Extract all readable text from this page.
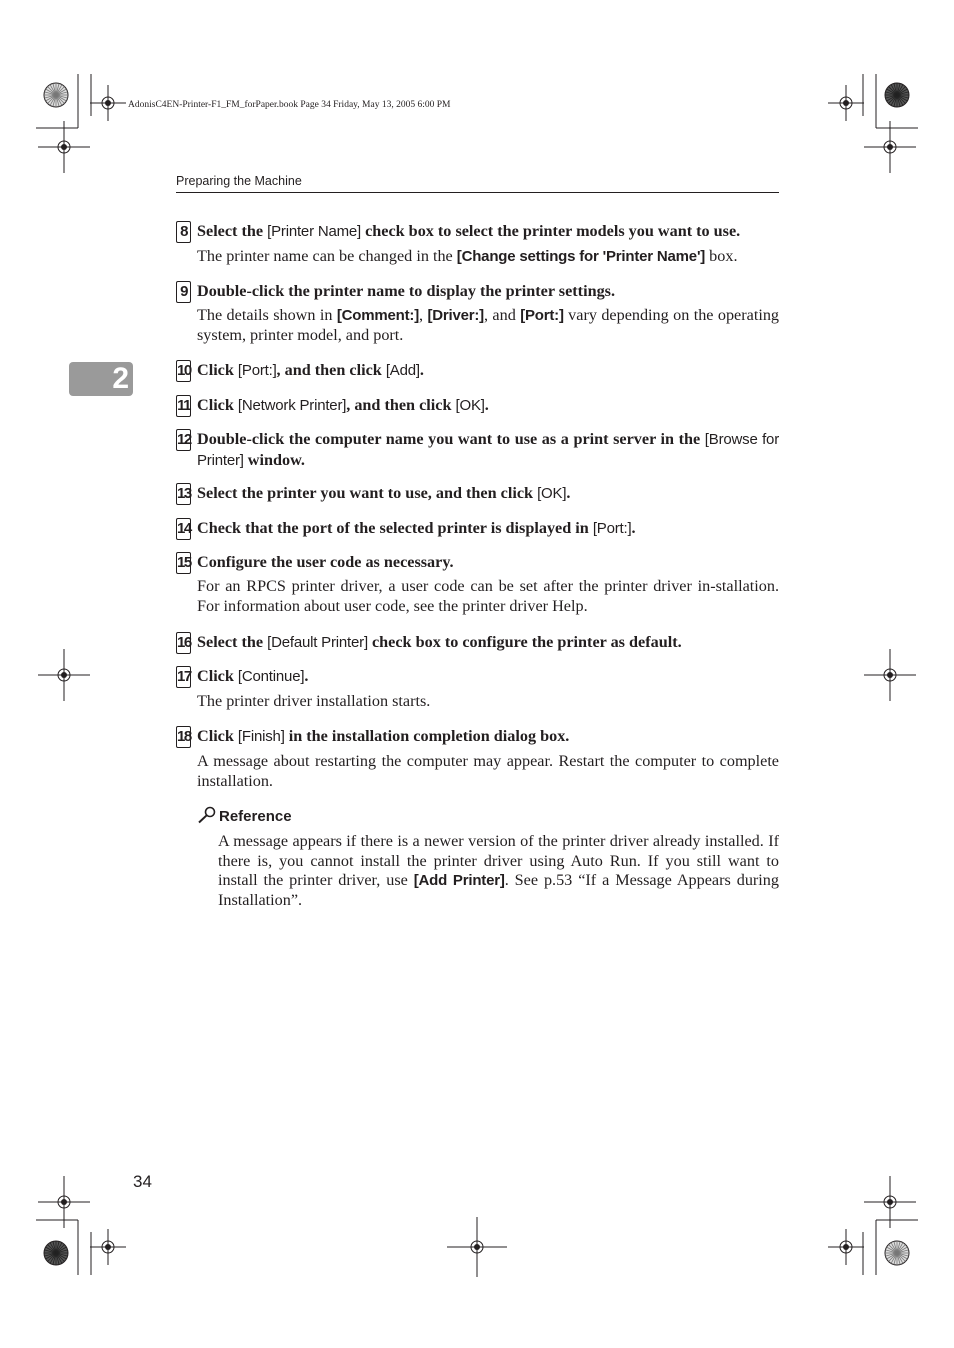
AdonisC4EN-Printer-F1_FM_forPaper.book Page 34 Friday, May 13, 2005 6:00 PM
Preparing the Machine
2
8 Select the [Printer Name] check box to select the printer models you want to use.
The printer name can be changed in the [Change settings for 'Printer Name'] box.
9 Double-click the printer name to display the printer settings.
The details shown in [Comment:], [Driver:], and [Port:] vary depending on the operating system, printer model, and port.
10 Click [Port:], and then click [Add].
11 Click [Network Printer], and then click [OK].
12 Double-click the computer name you want to use as a print server in the [Browse for Printer] window.
13 Select the printer you want to use, and then click [OK].
14 Check that the port of the selected printer is displayed in [Port:].
15 Configure the user code as necessary.
For an RPCS printer driver, a user code can be set after the printer driver in-stallation. For information about user code, see the printer driver Help.
16 Select the [Default Printer] check box to configure the printer as default.
17 Click [Continue].
The printer driver installation starts.
18 Click [Finish] in the installation completion dialog box.
A message about restarting the computer may appear. Restart the computer to complete installation.
Reference
A message appears if there is a newer version of the printer driver already installed. If there is, you cannot install the printer driver using Auto Run. If you still want to install the printer driver, use [Add Printer]. See p.53 “If a Message Appears during Installation”.
34
